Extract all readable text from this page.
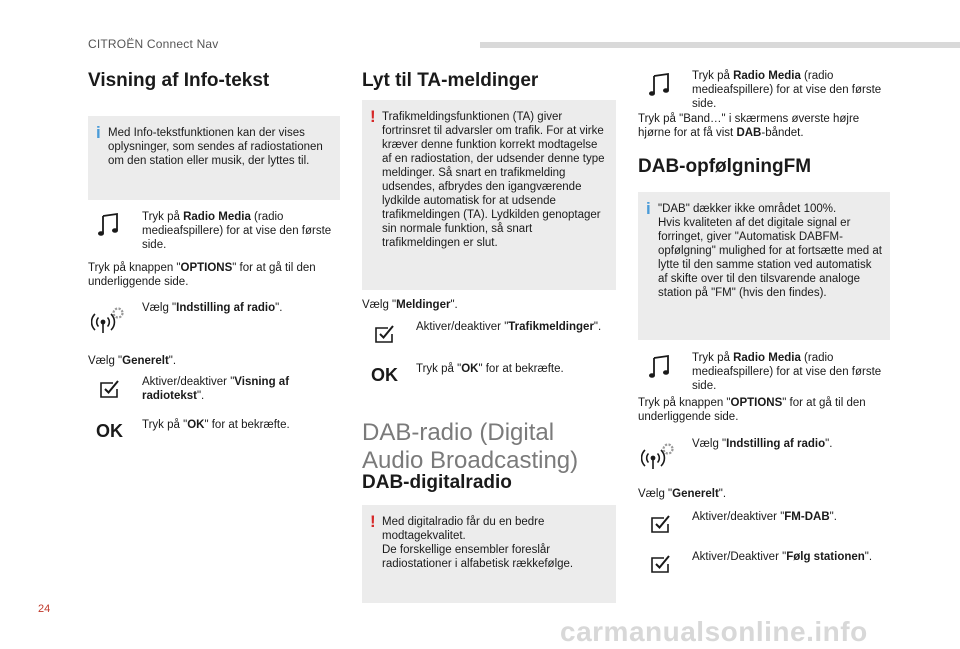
CITROËN Connect Nav
Visning af Info-tekst
i Med Info-tekstfunktionen kan der vises oplysninger, som sendes af radiostationen om den station eller musik, der lyttes til.
Tryk på Radio Media (radio medieafspillere) for at vise den første side.
Tryk på knappen "OPTIONS" for at gå til den underliggende side.
Vælg "Indstilling af radio".
Vælg "Generelt".
Aktiver/deaktiver "Visning af radiotekst".
OK Tryk på "OK" for at bekræfte.
Lyt til TA-meldinger
! Trafikmeldingsfunktionen (TA) giver fortrinsret til advarsler om trafik. For at virke kræver denne funktion korrekt modtagelse af en radiostation, der udsender denne type meldinger. Så snart en trafikmelding udsendes, afbrydes den igangværende lydkilde automatisk for at udsende trafikmeldingen (TA). Lydkilden genoptager sin normale funktion, så snart trafikmeldingen er slut.
Vælg "Meldinger".
Aktiver/deaktiver "Trafikmeldinger".
OK Tryk på "OK" for at bekræfte.
DAB-radio (Digital Audio Broadcasting)
DAB-digitalradio
! Med digitalradio får du en bedre modtagekvalitet.
De forskellige ensembler foreslår radiostationer i alfabetisk rækkefølge.
Tryk på Radio Media (radio medieafspillere) for at vise den første side.
Tryk på "Band…" i skærmens øverste højre hjørne for at få vist DAB-båndet.
DAB-opfølgningFM
i "DAB" dækker ikke området 100%.
Hvis kvaliteten af det digitale signal er forringet, giver "Automatisk DABFM-opfølgning" mulighed for at fortsætte med at lytte til den samme station ved automatisk af skifte over til den tilsvarende analoge station på "FM" (hvis den findes).
Tryk på Radio Media (radio medieafspillere) for at vise den første side.
Tryk på knappen "OPTIONS" for at gå til den underliggende side.
Vælg "Indstilling af radio".
Vælg "Generelt".
Aktiver/deaktiver "FM-DAB".
Aktiver/Deaktiver "Følg stationen".
24
carmanualsonline.info
